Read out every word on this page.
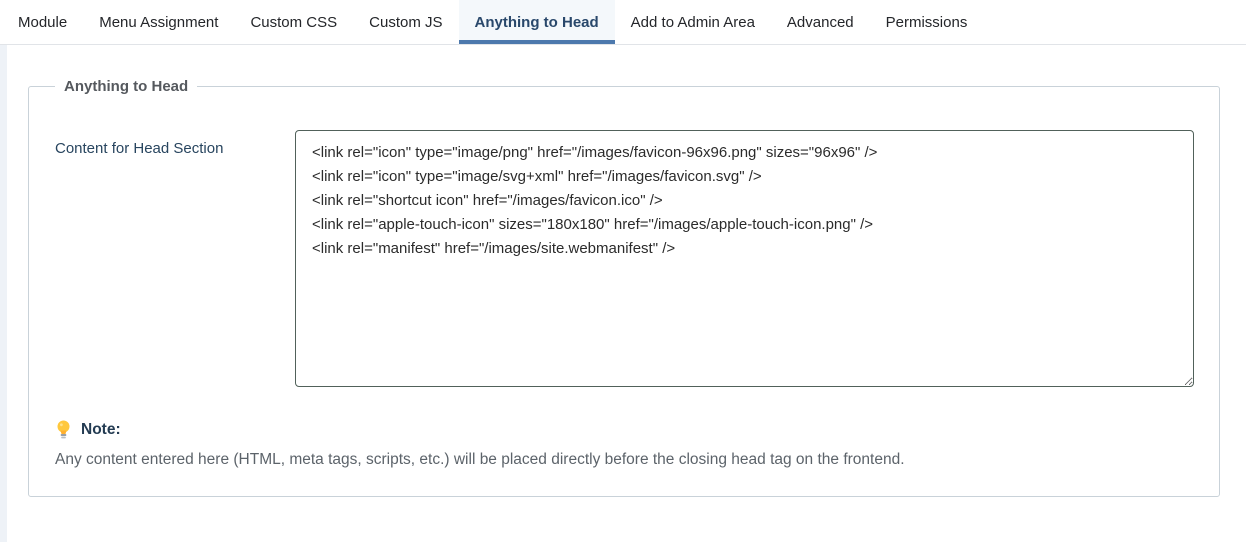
Module	Menu Assignment	Custom CSS	Custom JS	Anything to Head	Add to Admin Area	Advanced	Permissions
Anything to Head
Content for Head Section
<link rel="icon" type="image/png" href="/images/favicon-96x96.png" sizes="96x96" /> <link rel="icon" type="image/svg+xml" href="/images/favicon.svg" /> <link rel="shortcut icon" href="/images/favicon.ico" /> <link rel="apple-touch-icon" sizes="180x180" href="/images/apple-touch-icon.png" /> <link rel="manifest" href="/images/site.webmanifest" />
Note:
Any content entered here (HTML, meta tags, scripts, etc.) will be placed directly before the closing head tag on the frontend.
